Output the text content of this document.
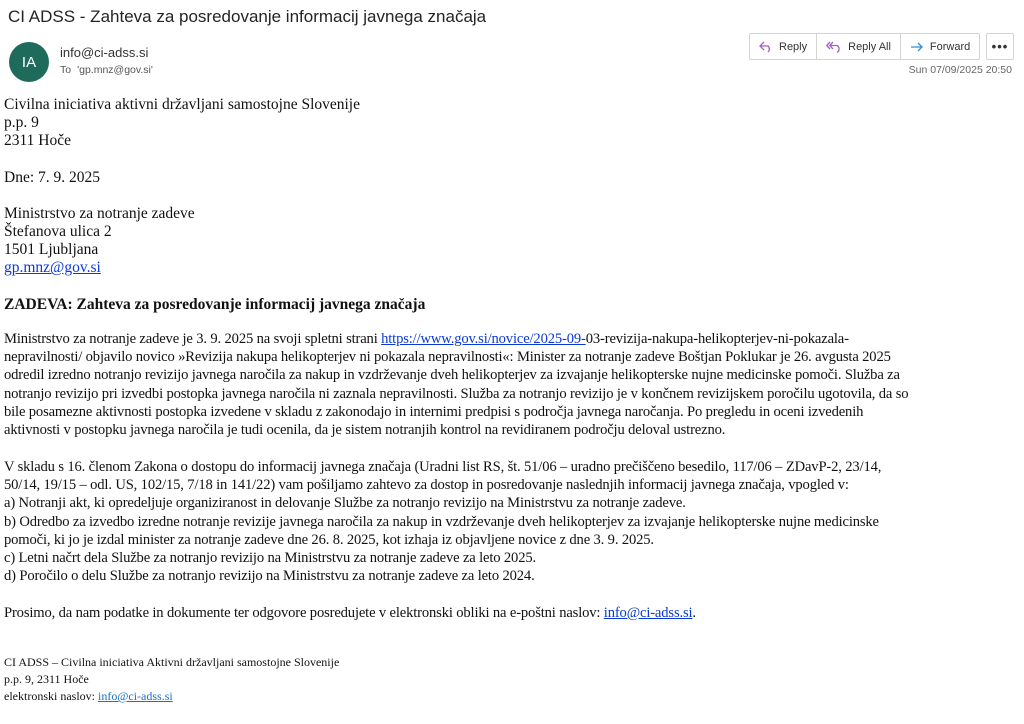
CI ADSS - Zahteva za posredovanje informacij javnega značaja
IA
info@ci-adss.si
To 'gp.mnz@gov.si'
Reply	Reply All	Forward	•••
Sun 07/09/2025 20:50
Civilna iniciativa aktivni državljani samostojne Slovenije
p.p. 9
2311 Hoče
Dne: 7. 9. 2025
Ministrstvo za notranje zadeve
Štefanova ulica 2
1501 Ljubljana
gp.mnz@gov.si
ZADEVA: Zahteva za posredovanje informacij javnega značaja
Ministrstvo za notranje zadeve je 3. 9. 2025 na svoji spletni strani https://www.gov.si/novice/2025-09-03-revizija-nakupa-helikopterjev-ni-pokazala-
nepravilnosti/ objavilo novico »Revizija nakupa helikopterjev ni pokazala nepravilnosti«: Minister za notranje zadeve Boštjan Poklukar je 26. avgusta 2025
odredil izredno notranjo revizijo javnega naročila za nakup in vzdrževanje dveh helikopterjev za izvajanje helikopterske nujne medicinske pomoči. Služba za
notranjo revizijo pri izvedbi postopka javnega naročila ni zaznala nepravilnosti. Služba za notranjo revizijo je v končnem revizijskem poročilu ugotovila, da so
bile posamezne aktivnosti postopka izvedene v skladu z zakonodajo in internimi predpisi s področja javnega naročanja. Po pregledu in oceni izvedenih
aktivnosti v postopku javnega naročila je tudi ocenila, da je sistem notranjih kontrol na revidiranem področju deloval ustrezno.
V skladu s 16. členom Zakona o dostopu do informacij javnega značaja (Uradni list RS, št. 51/06 – uradno prečiščeno besedilo, 117/06 – ZDavP-2, 23/14,
50/14, 19/15 – odl. US, 102/15, 7/18 in 141/22) vam pošiljamo zahtevo za dostop in posredovanje naslednjih informacij javnega značaja, vpogled v:
a) Notranji akt, ki opredeljuje organiziranost in delovanje Službe za notranjo revizijo na Ministrstvu za notranje zadeve.
b) Odredbo za izvedbo izredne notranje revizije javnega naročila za nakup in vzdrževanje dveh helikopterjev za izvajanje helikopterske nujne medicinske
pomoči, ki jo je izdal minister za notranje zadeve dne 26. 8. 2025, kot izhaja iz objavljene novice z dne 3. 9. 2025.
c) Letni načrt dela Službe za notranjo revizijo na Ministrstvu za notranje zadeve za leto 2025.
d) Poročilo o delu Službe za notranjo revizijo na Ministrstvu za notranje zadeve za leto 2024.
Prosimo, da nam podatke in dokumente ter odgovore posredujete v elektronski obliki na e-poštni naslov: info@ci-adss.si.
CI ADSS – Civilna iniciativa Aktivni državljani samostojne Slovenije
p.p. 9, 2311 Hoče
elektronski naslov: info@ci-adss.si
